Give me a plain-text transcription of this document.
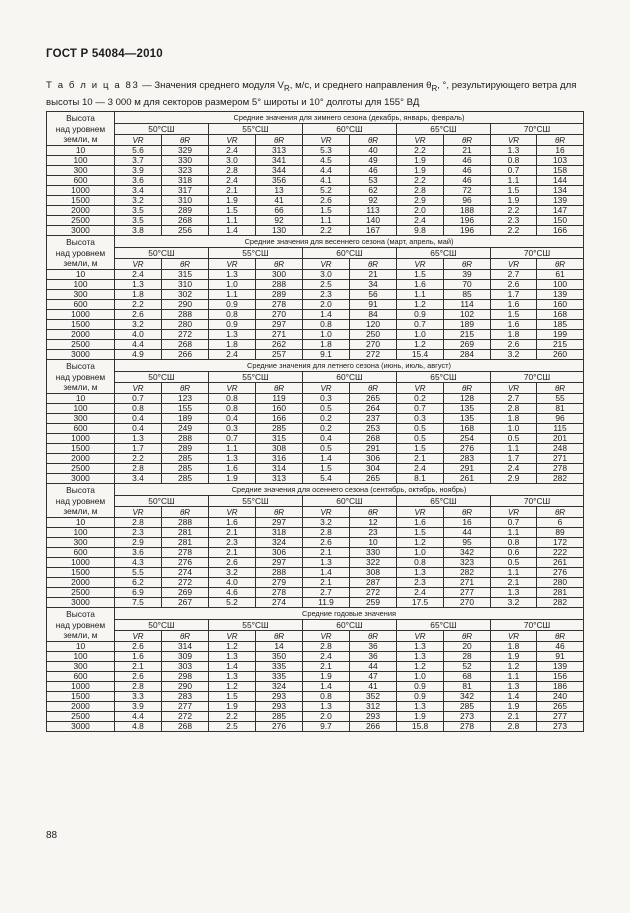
ГОСТ Р 54084—2010
Т а б л и ц а 83 — Значения среднего модуля $V_R$, м/с, и среднего направления $\theta_R$, °, результирующего ветра для высоты 10 — 3 000 м для секторов размером 5° широты и 10° долготы для 155° ВД
Высота
над уровнем
земли, м	Средние значения для зимнего сезона (декабрь, январь, февраль)									
	50°СШ		55°СШ		60°СШ		65°СШ		70°СШ	
	VR	θR	VR	θR	VR	θR	VR	θR	VR	θR
10	5.6	329	2.4	313	5.3	40	2.2	21	1.3	16
100	3.7	330	3.0	341	4.5	49	1.9	46	0.8	103
300	3.9	323	2.8	344	4.4	46	1.9	46	0.7	158
600	3.6	318	2.4	356	4.1	53	2.2	46	1.1	144
1000	3.4	317	2.1	13	5.2	62	2.8	72	1.5	134
1500	3.2	310	1.9	41	2.6	92	2.9	96	1.9	139
2000	3.5	289	1.5	66	1.5	113	2.0	188	2.2	147
2500	3.5	268	1.1	92	1.1	140	2.4	196	2.3	150
3000	3.8	256	1.4	130	2.2	167	9.8	196	2.2	166

Высота
над уровнем
земли, м	Средние значения для весеннего сезона (март, апрель, май)									
	50°СШ		55°СШ		60°СШ		65°СШ		70°СШ	
	VR	θR	VR	θR	VR	θR	VR	θR	VR	θR
10	2.4	315	1.3	300	3.0	21	1.5	39	2.7	61
100	1.3	310	1.0	288	2.5	34	1.6	70	2.6	100
300	1.8	302	1.1	289	2.3	56	1.1	85	1.7	139
600	2.2	290	0.9	278	2.0	91	1.2	114	1.6	160
1000	2.6	288	0.8	270	1.4	84	0.9	102	1.5	168
1500	3.2	280	0.9	297	0.8	120	0.7	189	1.6	185
2000	4.0	272	1.3	271	1.0	250	1.0	215	1.8	199
2500	4.4	268	1.8	262	1.8	270	1.2	269	2.6	215
3000	4.9	266	2.4	257	9.1	272	15.4	284	3.2	260

Высота
над уровнем
земли, м	Средние значения для летнего сезона (июнь, июль, август)									
	50°СШ		55°СШ		60°СШ		65°СШ		70°СШ	
	VR	θR	VR	θR	VR	θR	VR	θR	VR	θR
10	0.7	123	0.8	119	0.3	265	0.2	128	2.7	55
100	0.8	155	0.8	160	0.5	264	0.7	135	2.8	81
300	0.4	189	0.4	166	0.2	237	0.3	135	1.8	96
600	0.4	249	0.3	285	0.2	253	0.5	168	1.0	115
1000	1.3	288	0.7	315	0.4	268	0.5	254	0.5	201
1500	1.7	289	1.1	308	0.5	291	1.5	276	1.1	248
2000	2.2	285	1.3	316	1.4	306	2.1	283	1.7	271
2500	2.8	285	1.6	314	1.5	304	2.4	291	2.4	278
3000	3.4	285	1.9	313	5.4	265	8.1	261	2.9	282

Высота
над уровнем
земли, м	Средние значения для осеннего сезона (сентябрь, октябрь, ноябрь)									
	50°СШ		55°СШ		60°СШ		65°СШ		70°СШ	
	VR	θR	VR	θR	VR	θR	VR	θR	VR	θR
10	2.8	288	1.6	297	3.2	12	1.6	16	0.7	6
100	2.3	281	2.1	318	2.8	23	1.5	44	1.1	89
300	2.9	281	2.3	324	2.6	10	1.2	95	0.8	172
600	3.6	278	2.1	306	2.1	330	1.0	342	0.6	222
1000	4.3	276	2.6	297	1.3	322	0.8	323	0.5	261
1500	5.5	274	3.2	288	1.4	308	1.3	282	1.1	276
2000	6.2	272	4.0	279	2.1	287	2.3	271	2.1	280
2500	6.9	269	4.6	278	2.7	272	2.4	277	1.3	281
3000	7.5	267	5.2	274	11.9	259	17.5	270	3.2	282

Высота
над уровнем
земли, м	Средние годовые значения									
	50°СШ		55°СШ		60°СШ		65°СШ		70°СШ	
	VR	θR	VR	θR	VR	θR	VR	θR	VR	θR
10	2.6	314	1.2	14	2.8	36	1.3	20	1.8	46
100	1.6	309	1.3	350	2.4	36	1.3	28	1.9	91
300	2.1	303	1.4	335	2.1	44	1.2	52	1.2	139
600	2.6	298	1.3	335	1.9	47	1.0	68	1.1	156
1000	2.8	290	1.2	324	1.4	41	0.9	81	1.3	186
1500	3.3	283	1.5	293	0.8	352	0.9	342	1.4	240
2000	3.9	277	1.9	293	1.3	312	1.3	285	1.9	265
2500	4.4	272	2.2	285	2.0	293	1.9	273	2.1	277
3000	4.8	268	2.5	276	9.7	266	15.8	278	2.8	273
88
